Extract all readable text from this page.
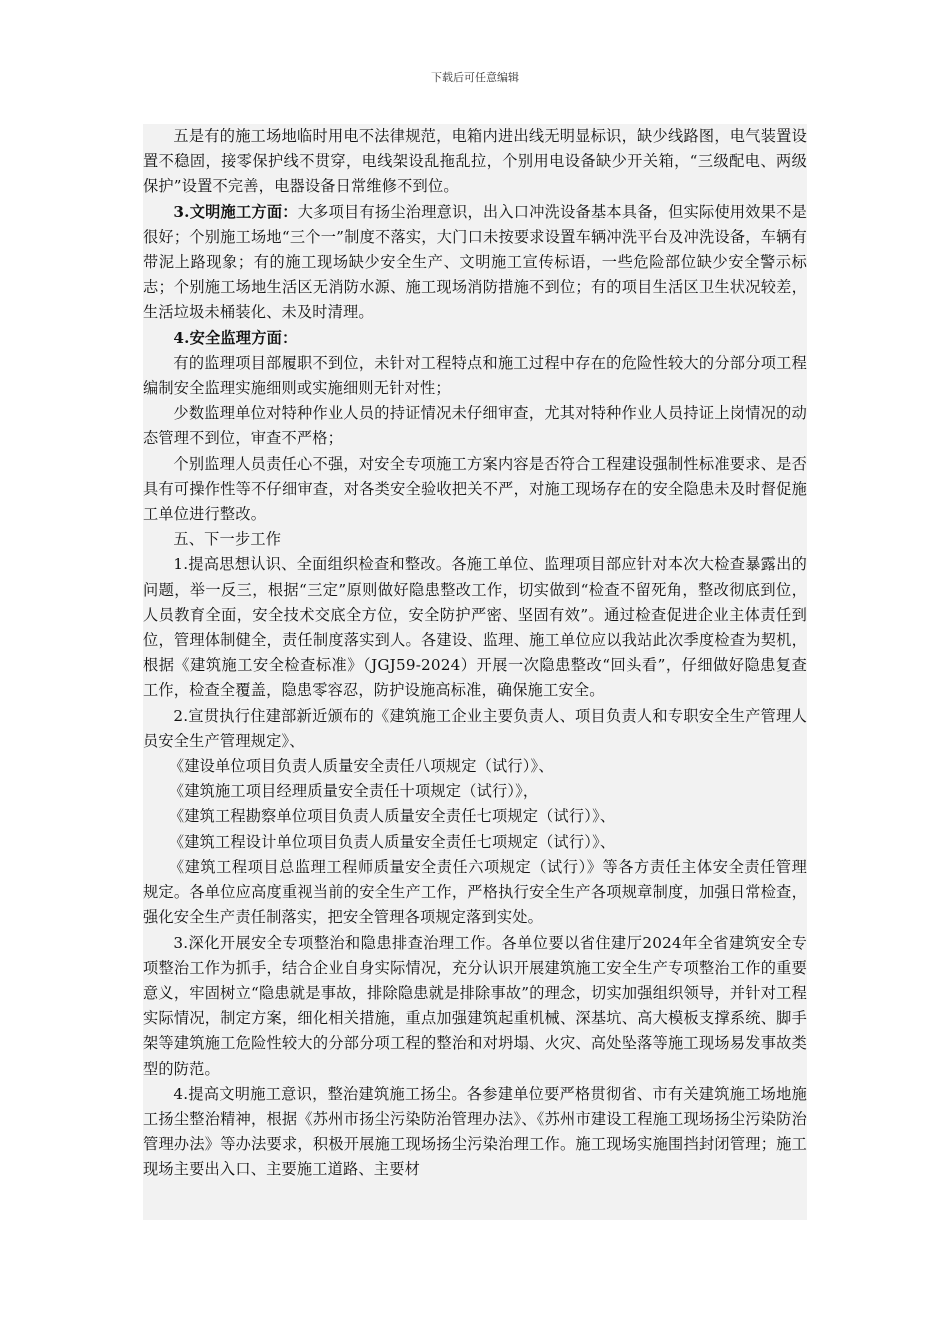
下载后可任意编辑

五是有的施工场地临时用电不法律规范，电箱内进出线无明显标识，缺少线路图，电气装置设置不稳固，接零保护线不贯穿，电线架设乱拖乱拉，个别用电设备缺少开关箱，“三级配电、两级保护”设置不完善，电器设备日常维修不到位。

3.文明施工方面：大多项目有扬尘治理意识，出入口冲洗设备基本具备，但实际使用效果不是很好；个别施工场地“三个一”制度不落实，大门口未按要求设置车辆冲洗平台及冲洗设备，车辆有带泥上路现象；有的施工现场缺少安全生产、文明施工宣传标语，一些危险部位缺少安全警示标志；个别施工场地生活区无消防水源、施工现场消防措施不到位；有的项目生活区卫生状况较差，生活垃圾未桶装化、未及时清理。

4.安全监理方面：

有的监理项目部履职不到位，未针对工程特点和施工过程中存在的危险性较大的分部分项工程编制安全监理实施细则或实施细则无针对性；

少数监理单位对特种作业人员的持证情况未仔细审查，尤其对特种作业人员持证上岗情况的动态管理不到位，审查不严格；

个别监理人员责任心不强，对安全专项施工方案内容是否符合工程建设强制性标准要求、是否具有可操作性等不仔细审查，对各类安全验收把关不严，对施工现场存在的安全隐患未及时督促施工单位进行整改。

五、下一步工作

1.提高思想认识、全面组织检查和整改。各施工单位、监理项目部应针对本次大检查暴露出的问题，举一反三，根据“三定”原则做好隐患整改工作，切实做到“检查不留死角，整改彻底到位，人员教育全面，安全技术交底全方位，安全防护严密、坚固有效”。通过检查促进企业主体责任到位，管理体制健全，责任制度落实到人。各建设、监理、施工单位应以我站此次季度检查为契机，根据《建筑施工安全检查标准》（JGJ59-2024）开展一次隐患整改“回头看”，仔细做好隐患复查工作，检查全覆盖，隐患零容忍，防护设施高标准，确保施工安全。

2.宣贯执行住建部新近颁布的《建筑施工企业主要负责人、项目负责人和专职安全生产管理人员安全生产管理规定》、

《建设单位项目负责人质量安全责任八项规定（试行）》、

《建筑施工项目经理质量安全责任十项规定（试行）》，

《建筑工程勘察单位项目负责人质量安全责任七项规定（试行）》、

《建筑工程设计单位项目负责人质量安全责任七项规定（试行）》、

《建筑工程项目总监理工程师质量安全责任六项规定（试行）》等各方责任主体安全责任管理规定。各单位应高度重视当前的安全生产工作，严格执行安全生产各项规章制度，加强日常检查，强化安全生产责任制落实，把安全管理各项规定落到实处。

3.深化开展安全专项整治和隐患排查治理工作。各单位要以省住建厅2024年全省建筑安全专项整治工作为抓手，结合企业自身实际情况，充分认识开展建筑施工安全生产专项整治工作的重要意义，牢固树立“隐患就是事故，排除隐患就是排除事故”的理念，切实加强组织领导，并针对工程实际情况，制定方案，细化相关措施，重点加强建筑起重机械、深基坑、高大模板支撑系统、脚手架等建筑施工危险性较大的分部分项工程的整治和对坍塌、火灾、高处坠落等施工现场易发事故类型的防范。

4.提高文明施工意识，整治建筑施工扬尘。各参建单位要严格贯彻省、市有关建筑施工场地施工扬尘整治精神，根据《苏州市扬尘污染防治管理办法》、《苏州市建设工程施工现场扬尘污染防治管理办法》等办法要求，积极开展施工现场扬尘污染治理工作。施工现场实施围挡封闭管理；施工现场主要出入口、主要施工道路、主要材
